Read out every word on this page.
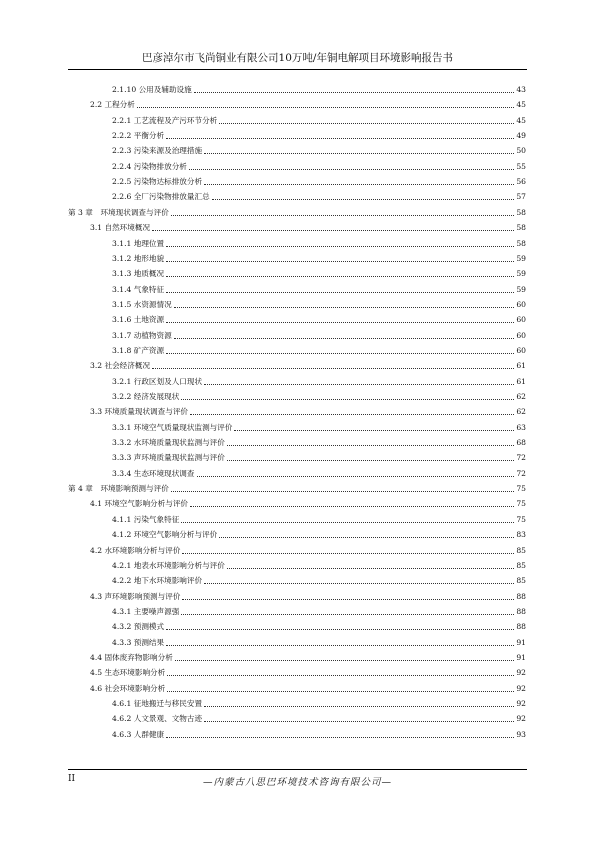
巴彦淖尔市飞尚铜业有限公司10万吨/年铜电解项目环境影响报告书
2.1.10 公用及辅助设施	43
2.2 工程分析	45
2.2.1 工艺流程及产污环节分析	45
2.2.2 平衡分析	49
2.2.3 污染来源及治理措施	50
2.2.4 污染物排放分析	55
2.2.5 污染物达标排放分析	56
2.2.6 全厂污染物排放量汇总	57
第 3 章　环境现状调查与评价	58
3.1 自然环境概况	58
3.1.1 地理位置	58
3.1.2 地形地貌	59
3.1.3 地质概况	59
3.1.4 气象特征	59
3.1.5 水资源情况	60
3.1.6 土地资源	60
3.1.7 动植物资源	60
3.1.8 矿产资源	60
3.2 社会经济概况	61
3.2.1 行政区划及人口现状	61
3.2.2 经济发展现状	62
3.3 环境质量现状调查与评价	62
3.3.1 环境空气质量现状监测与评价	63
3.3.2 水环境质量现状监测与评价	68
3.3.3 声环境质量现状监测与评价	72
3.3.4 生态环境现状调查	72
第 4 章　环境影响预测与评价	75
4.1 环境空气影响分析与评价	75
4.1.1 污染气象特征	75
4.1.2 环境空气影响分析与评价	83
4.2 水环境影响分析与评价	85
4.2.1 地表水环境影响分析与评价	85
4.2.2 地下水环境影响评价	85
4.3 声环境影响预测与评价	88
4.3.1 主要噪声源强	88
4.3.2 预测模式	88
4.3.3 预测结果	91
4.4 固体废弃物影响分析	91
4.5 生态环境影响分析	92
4.6 社会环境影响分析	92
4.6.1 征地搬迁与移民安置	92
4.6.2 人文景观、文物古迹	92
4.6.3 人群健康	93
II	—内蒙古八思巴环境技术咨询有限公司—
